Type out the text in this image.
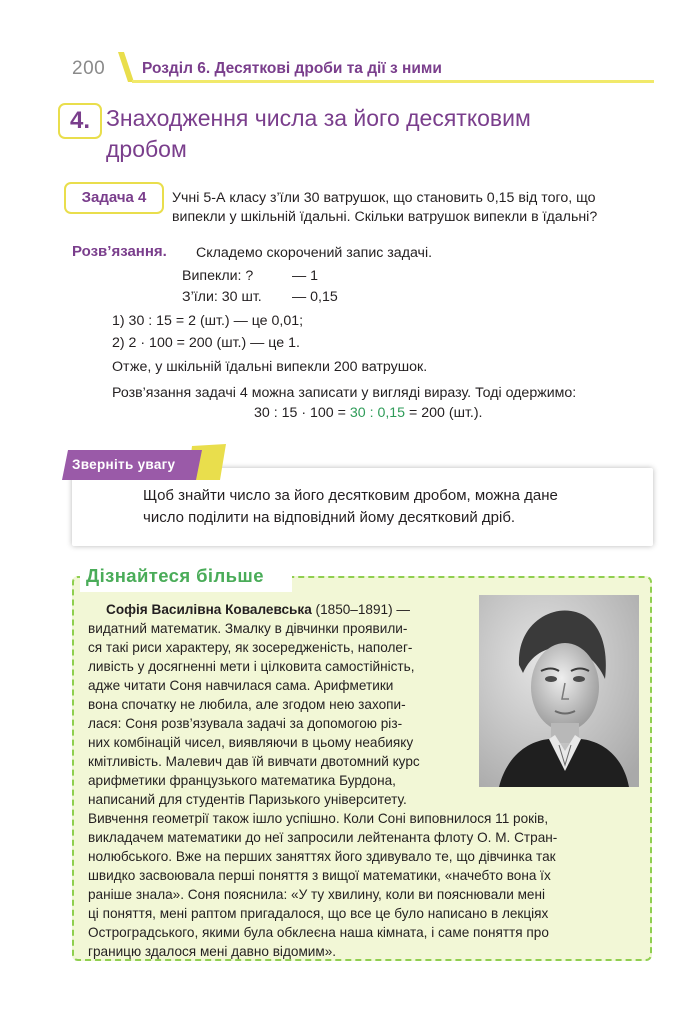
200 Розділ 6. Десяткові дроби та дії з ними
4. Знаходження числа за його десятковим
дробом
Задача 4	Учні 5-А класу з’їли 30 ватрушок, що становить 0,15 від того, що
випекли у шкільній їдальні. Скільки ватрушок випекли в їдальні?
Розв’язання. Складемо скорочений запис задачі.
Випекли: ?	— 1
З’їли: 30 шт. — 0,15
1) 30 : 15 = 2 (шт.) — це 0,01;
2) 2 · 100 = 200 (шт.) — це 1.
Отже, у шкільній їдальні випекли 200 ватрушок.
Розв’язання задачі 4 можна записати у вигляді виразу. Тоді одержимо:
30 : 15 · 100 = 30 : 0,15 = 200 (шт.).
Зверніть увагу
Щоб знайти число за його десятковим дробом, можна дане
число поділити на відповідний йому десятковий дріб.
Дізнайтеся більше
Софія Василівна Ковалевська (1850–1891) —
видатний математик. Змалку в дівчинки проявили-
ся такі риси характеру, як зосередженість, наполег-
ливість у досягненні мети і цілковита самостійність,
адже читати Соня навчилася сама. Арифметики
вона спочатку не любила, але згодом нею захопи-
лася: Соня розв’язувала задачі за допомогою різ-
них комбінацій чисел, виявляючи в цьому неабияку
кмітливість. Малевич дав їй вивчати двотомний курс
арифметики французького математика Бурдона,
написаний для студентів Паризького університету.
Вивчення геометрії також ішло успішно. Коли Соні виповнилося 11 років,
викладачем математики до неї запросили лейтенанта флоту О. М. Стран-
нолюбського. Вже на перших заняттях його здивувало те, що дівчинка так
швидко засвоювала перші поняття з вищої математики, «начебто вона їх
раніше знала». Соня пояснила: «У ту хвилину, коли ви пояснювали мені
ці поняття, мені раптом пригадалося, що все це було написано в лекціях
Остроградського, якими була обклеєна наша кімната, і саме поняття про
границю здалося мені давно відомим».
